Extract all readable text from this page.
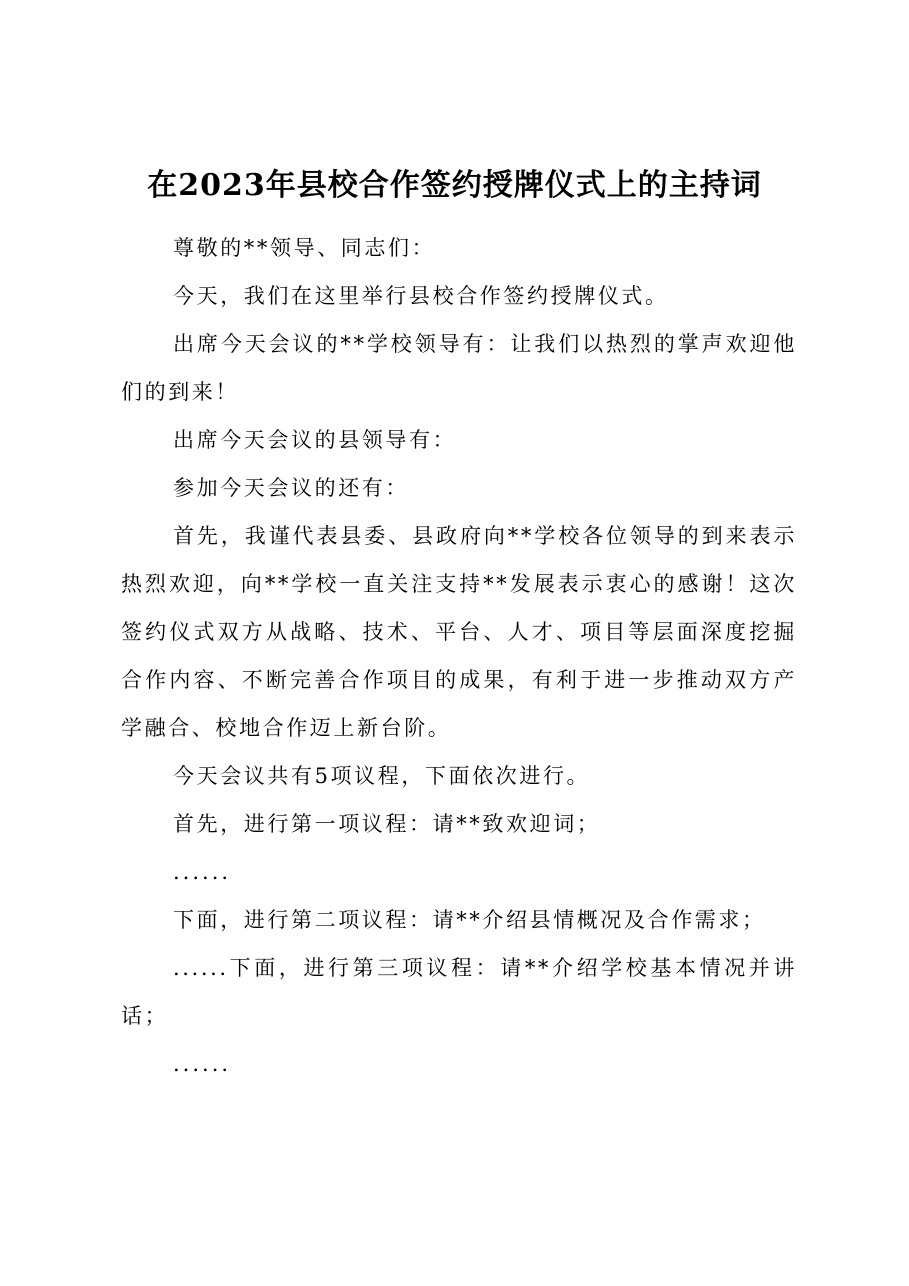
在2023年县校合作签约授牌仪式上的主持词

尊敬的**领导、同志们：

今天，我们在这里举行县校合作签约授牌仪式。

出席今天会议的**学校领导有：让我们以热烈的掌声欢迎他们的到来！

出席今天会议的县领导有：

参加今天会议的还有：

首先，我谨代表县委、县政府向**学校各位领导的到来表示热烈欢迎，向**学校一直关注支持**发展表示衷心的感谢！这次签约仪式双方从战略、技术、平台、人才、项目等层面深度挖掘合作内容、不断完善合作项目的成果，有利于进一步推动双方产学融合、校地合作迈上新台阶。

今天会议共有5项议程，下面依次进行。

首先，进行第一项议程：请**致欢迎词；

......

下面，进行第二项议程：请**介绍县情概况及合作需求；

......下面，进行第三项议程：请**介绍学校基本情况并讲话；

......
